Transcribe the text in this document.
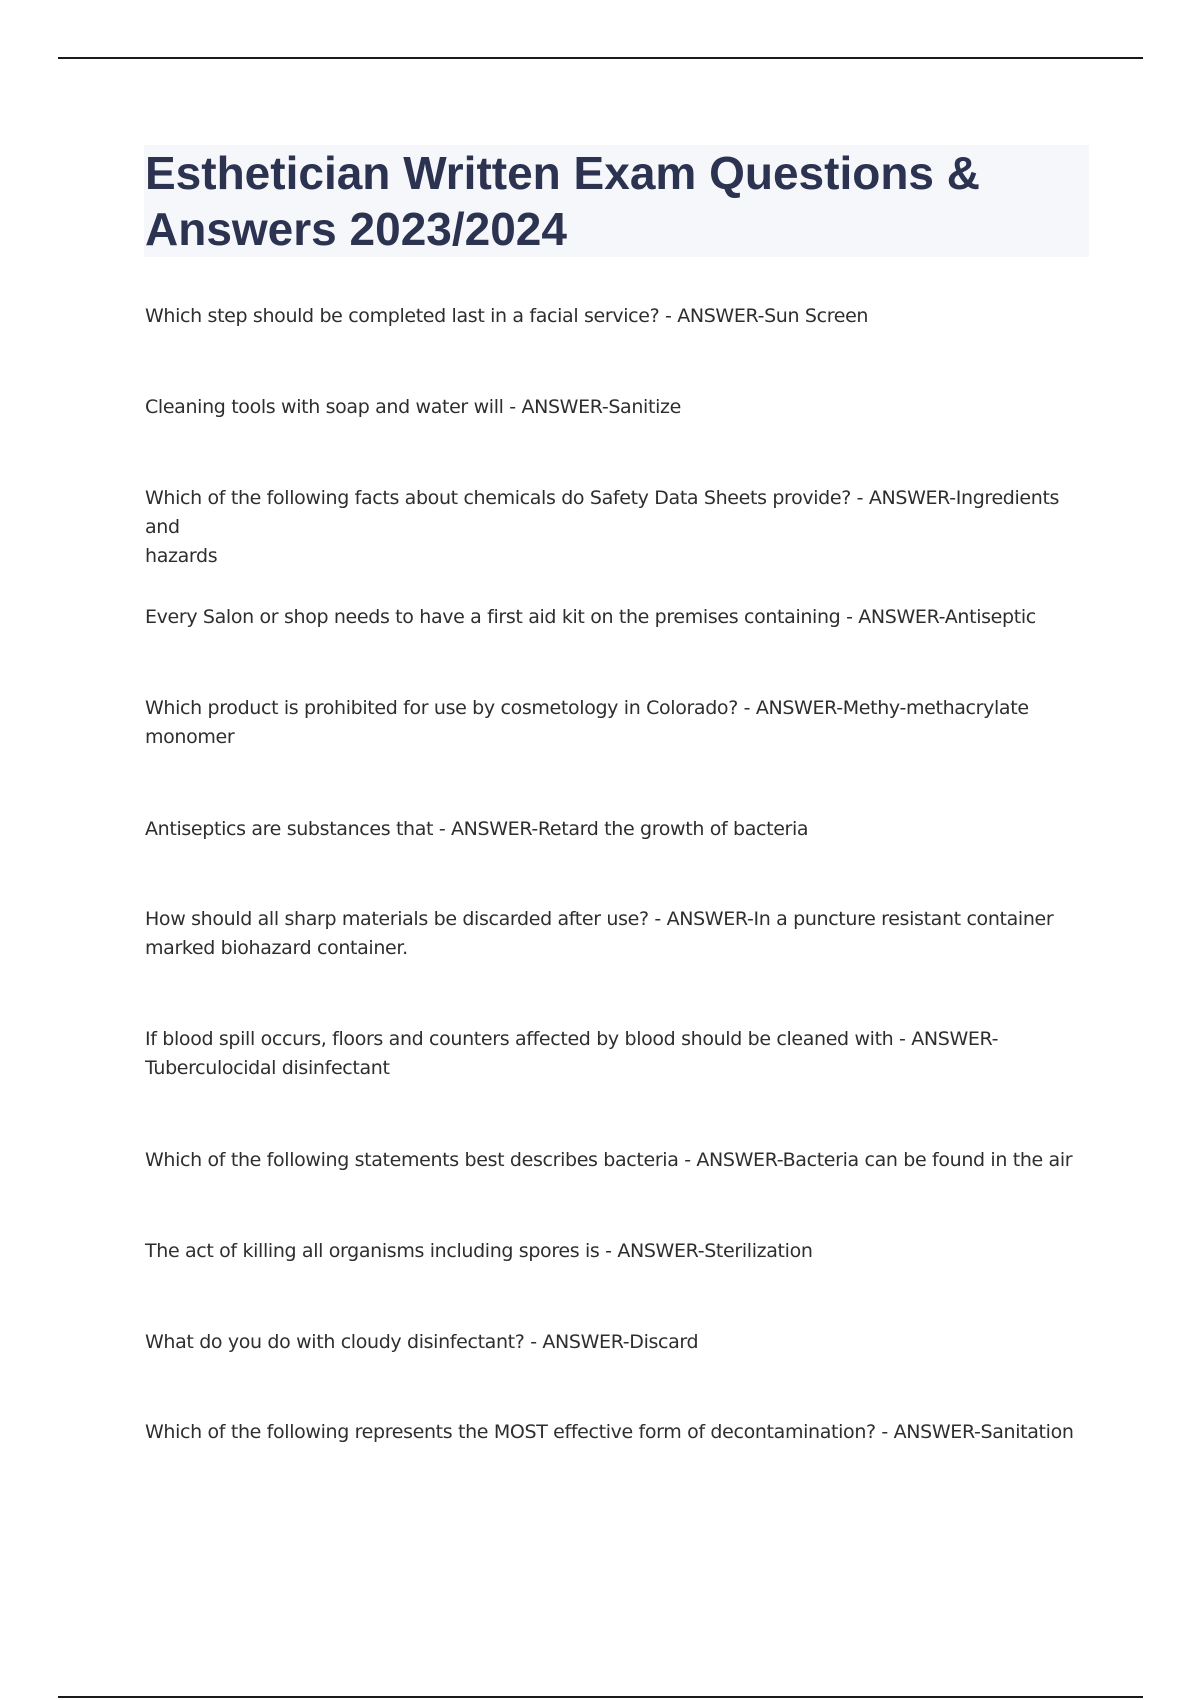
Esthetician Written Exam Questions &
Answers 2023/2024

Which step should be completed last in a facial service? - ANSWER-Sun Screen

Cleaning tools with soap and water will - ANSWER-Sanitize

Which of the following facts about chemicals do Safety Data Sheets provide? - ANSWER-Ingredients and
hazards

Every Salon or shop needs to have a first aid kit on the premises containing - ANSWER-Antiseptic

Which product is prohibited for use by cosmetology in Colorado? - ANSWER-Methy-methacrylate
monomer

Antiseptics are substances that - ANSWER-Retard the growth of bacteria

How should all sharp materials be discarded after use? - ANSWER-In a puncture resistant container
marked biohazard container.

If blood spill occurs, floors and counters affected by blood should be cleaned with - ANSWER-
Tuberculocidal disinfectant

Which of the following statements best describes bacteria - ANSWER-Bacteria can be found in the air

The act of killing all organisms including spores is - ANSWER-Sterilization

What do you do with cloudy disinfectant? - ANSWER-Discard

Which of the following represents the MOST effective form of decontamination? - ANSWER-Sanitation
